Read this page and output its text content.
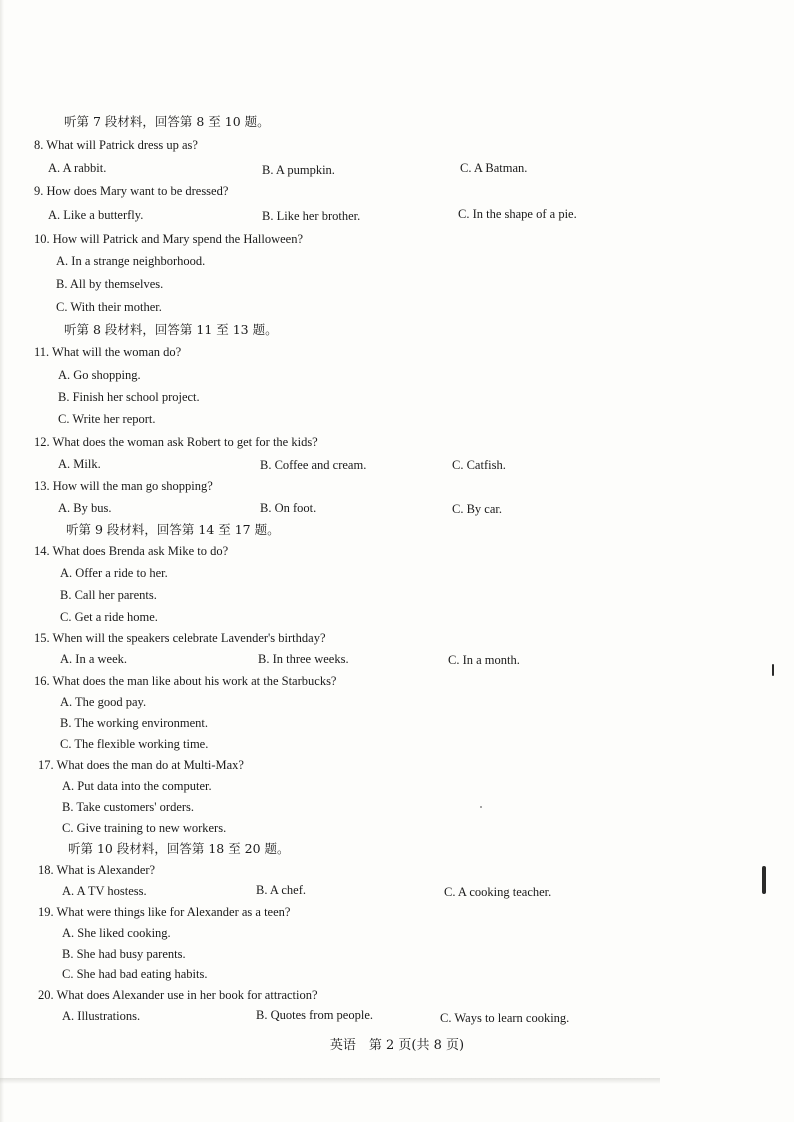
听第 7 段材料，回答第 8 至 10 题。
8. What will Patrick dress up as?
A. A rabbit.	B. A pumpkin.	C. A Batman.
9. How does Mary want to be dressed?
A. Like a butterfly.	B. Like her brother.	C. In the shape of a pie.
10. How will Patrick and Mary spend the Halloween?
A. In a strange neighborhood.
B. All by themselves.
C. With their mother.
听第 8 段材料，回答第 11 至 13 题。
11. What will the woman do?
A. Go shopping.
B. Finish her school project.
C. Write her report.
12. What does the woman ask Robert to get for the kids?
A. Milk.	B. Coffee and cream.	C. Catfish.
13. How will the man go shopping?
A. By bus.	B. On foot.	C. By car.
听第 9 段材料，回答第 14 至 17 题。
14. What does Brenda ask Mike to do?
A. Offer a ride to her.
B. Call her parents.
C. Get a ride home.
15. When will the speakers celebrate Lavender's birthday?
A. In a week.	B. In three weeks.	C. In a month.
16. What does the man like about his work at the Starbucks?
A. The good pay.
B. The working environment.
C. The flexible working time.
17. What does the man do at Multi-Max?
A. Put data into the computer.
B. Take customers' orders.
C. Give training to new workers.
听第 10 段材料，回答第 18 至 20 题。
18. What is Alexander?
A. A TV hostess.	B. A chef.	C. A cooking teacher.
19. What were things like for Alexander as a teen?
A. She liked cooking.
B. She had busy parents.
C. She had bad eating habits.
20. What does Alexander use in her book for attraction?
A. Illustrations.	B. Quotes from people.	C. Ways to learn cooking.
英语　第 2 页(共 8 页)
